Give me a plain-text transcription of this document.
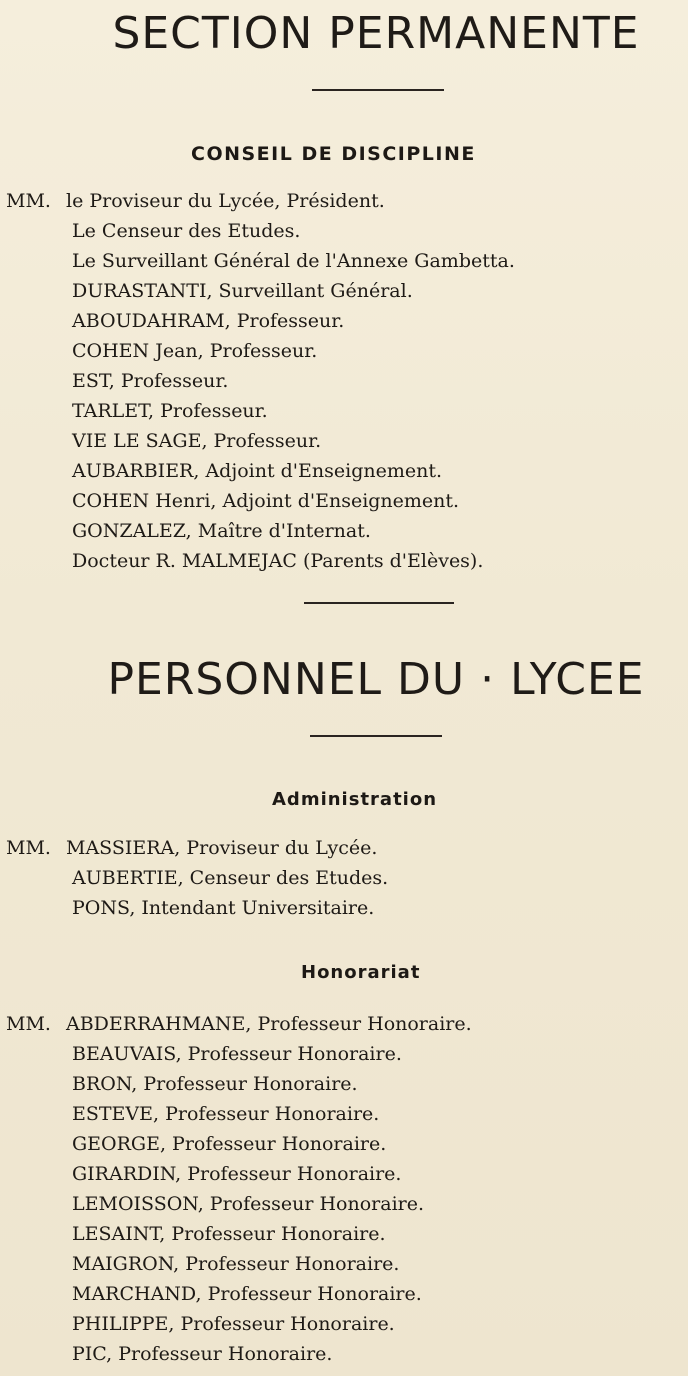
SECTION PERMANENTE
CONSEIL DE DISCIPLINE
MM. le Proviseur du Lycée, Président.
Le Censeur des Etudes.
Le Surveillant Général de l'Annexe Gambetta.
DURASTANTI, Surveillant Général.
ABOUDAHRAM, Professeur.
COHEN Jean, Professeur.
EST, Professeur.
TARLET, Professeur.
VIE LE SAGE, Professeur.
AUBARBIER, Adjoint d'Enseignement.
COHEN Henri, Adjoint d'Enseignement.
GONZALEZ, Maître d'Internat.
Docteur R. MALMEJAC (Parents d'Elèves).
PERSONNEL DU · LYCEE
Administration
MM. MASSIERA, Proviseur du Lycée.
AUBERTIE, Censeur des Etudes.
PONS, Intendant Universitaire.
Honorariat
MM. ABDERRAHMANE, Professeur Honoraire.
BEAUVAIS, Professeur Honoraire.
BRON, Professeur Honoraire.
ESTEVE, Professeur Honoraire.
GEORGE, Professeur Honoraire.
GIRARDIN, Professeur Honoraire.
LEMOISSON, Professeur Honoraire.
LESAINT, Professeur Honoraire.
MAIGRON, Professeur Honoraire.
MARCHAND, Professeur Honoraire.
PHILIPPE, Professeur Honoraire.
PIC, Professeur Honoraire.
